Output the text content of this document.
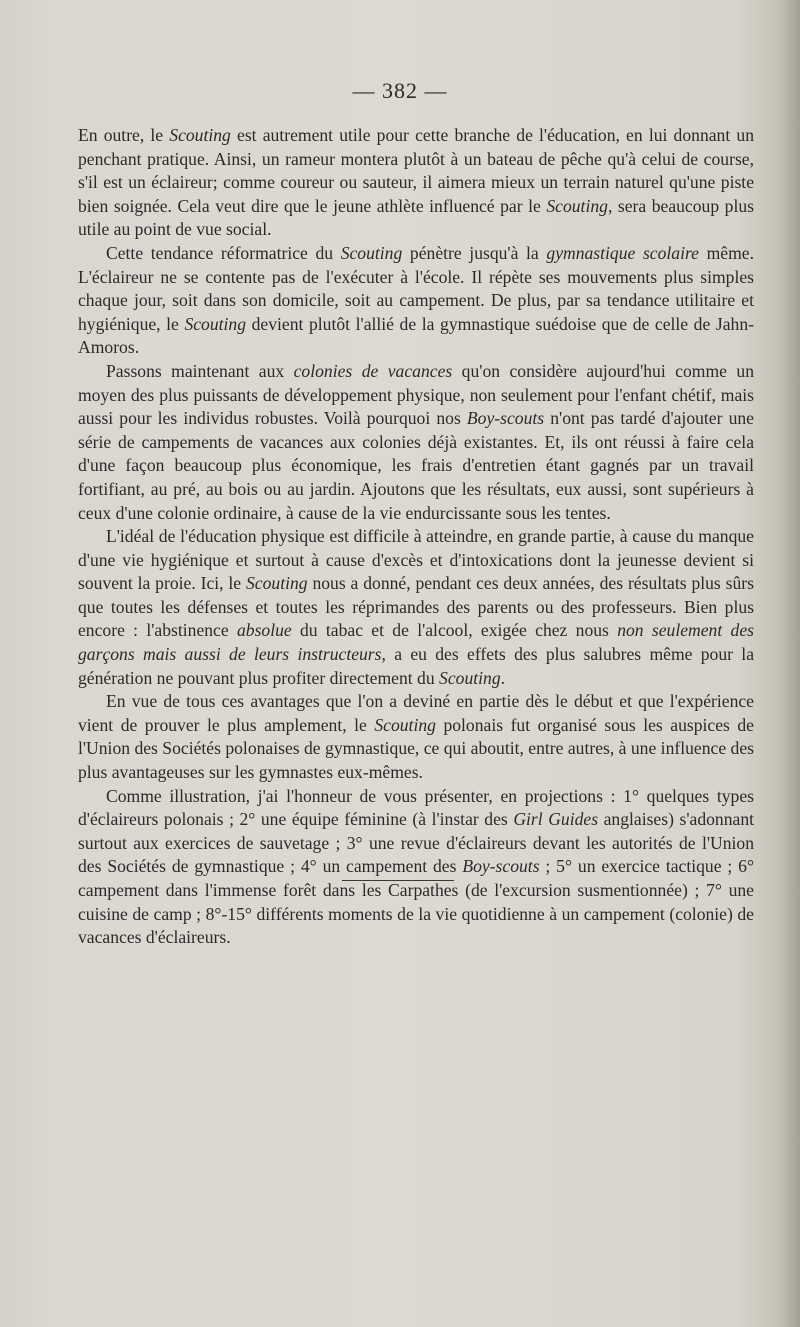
— 382 —

En outre, le Scouting est autrement utile pour cette branche de l'éducation, en lui donnant un penchant pratique. Ainsi, un rameur montera plutôt à un bateau de pêche qu'à celui de course, s'il est un éclaireur; comme coureur ou sauteur, il aimera mieux un terrain naturel qu'une piste bien soignée. Cela veut dire que le jeune athlète influencé par le Scouting, sera beaucoup plus utile au point de vue social.

Cette tendance réformatrice du Scouting pénètre jusqu'à la gymnastique scolaire même. L'éclaireur ne se contente pas de l'exécuter à l'école. Il répète ses mouvements plus simples chaque jour, soit dans son domicile, soit au campement. De plus, par sa tendance utilitaire et hygiénique, le Scouting devient plutôt l'allié de la gymnastique suédoise que de celle de Jahn-Amoros.

Passons maintenant aux colonies de vacances qu'on considère aujourd'hui comme un moyen des plus puissants de développement physique, non seulement pour l'enfant chétif, mais aussi pour les individus robustes. Voilà pourquoi nos Boy-scouts n'ont pas tardé d'ajouter une série de campements de vacances aux colonies déjà existantes. Et, ils ont réussi à faire cela d'une façon beaucoup plus économique, les frais d'entretien étant gagnés par un travail fortifiant, au pré, au bois ou au jardin. Ajoutons que les résultats, eux aussi, sont supérieurs à ceux d'une colonie ordinaire, à cause de la vie endurcissante sous les tentes.

L'idéal de l'éducation physique est difficile à atteindre, en grande partie, à cause du manque d'une vie hygiénique et surtout à cause d'excès et d'intoxications dont la jeunesse devient si souvent la proie. Ici, le Scouting nous a donné, pendant ces deux années, des résultats plus sûrs que toutes les défenses et toutes les réprimandes des parents ou des professeurs. Bien plus encore : l'abstinence absolue du tabac et de l'alcool, exigée chez nous non seulement des garçons mais aussi de leurs instructeurs, a eu des effets des plus salubres même pour la génération ne pouvant plus profiter directement du Scouting.

En vue de tous ces avantages que l'on a deviné en partie dès le début et que l'expérience vient de prouver le plus amplement, le Scouting polonais fut organisé sous les auspices de l'Union des Sociétés polonaises de gymnastique, ce qui aboutit, entre autres, à une influence des plus avantageuses sur les gymnastes eux-mêmes.

Comme illustration, j'ai l'honneur de vous présenter, en projections : 1° quelques types d'éclaireurs polonais ; 2° une équipe féminine (à l'instar des Girl Guides anglaises) s'adonnant surtout aux exercices de sauvetage ; 3° une revue d'éclaireurs devant les autorités de l'Union des Sociétés de gymnastique ; 4° un campement des Boy-scouts ; 5° un exercice tactique ; 6° campement dans l'immense forêt dans les Carpathes (de l'excursion susmentionnée) ; 7° une cuisine de camp ; 8°-15° différents moments de la vie quotidienne à un campement (colonie) de vacances d'éclaireurs.
